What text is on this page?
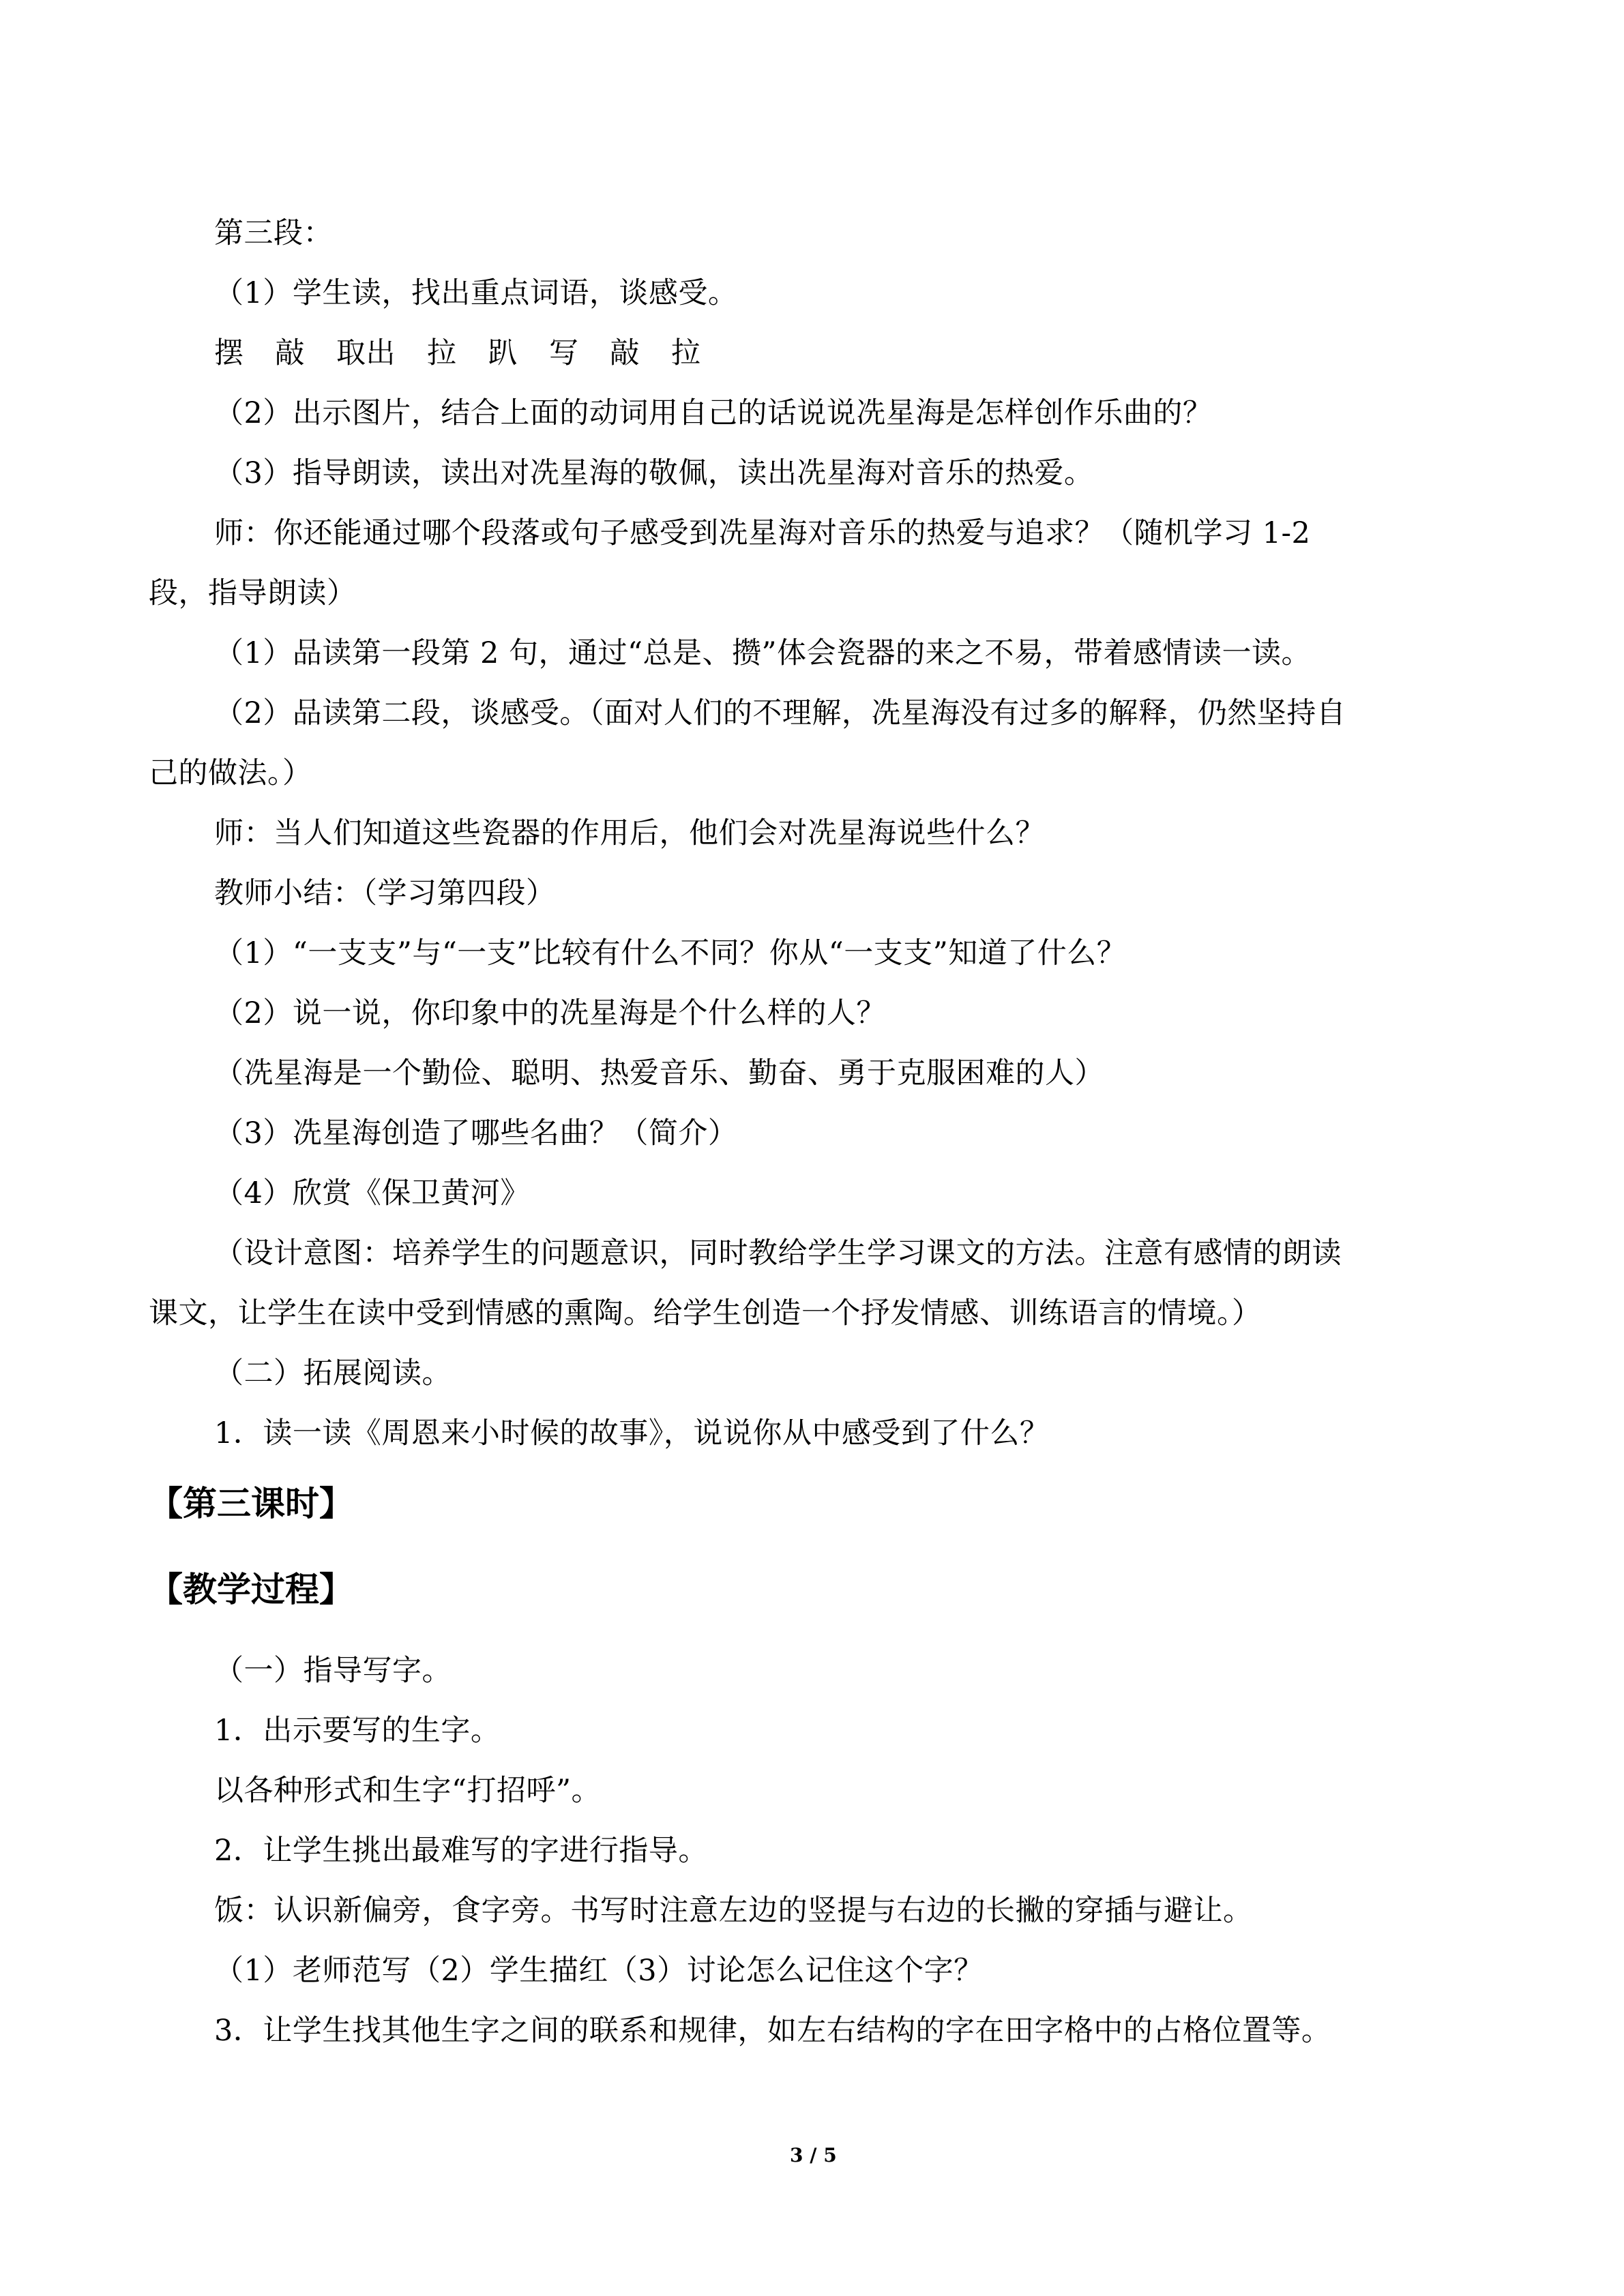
第三段：

（1）学生读，找出重点词语，谈感受。

摆 敲 取出 拉 趴 写 敲 拉

（2）出示图片，结合上面的动词用自己的话说说冼星海是怎样创作乐曲的？

（3）指导朗读，读出对冼星海的敬佩，读出冼星海对音乐的热爱。

师：你还能通过哪个段落或句子感受到冼星海对音乐的热爱与追求？（随机学习 1-2

段，指导朗读）

（1）品读第一段第 2 句，通过“总是、攒”体会瓷器的来之不易，带着感情读一读。

（2）品读第二段，谈感受。（面对人们的不理解，冼星海没有过多的解释，仍然坚持自

己的做法。）

师：当人们知道这些瓷器的作用后，他们会对冼星海说些什么？

教师小结：（学习第四段）

（1）“一支支”与“一支”比较有什么不同？你从“一支支”知道了什么？

（2）说一说，你印象中的冼星海是个什么样的人？

（冼星海是一个勤俭、聪明、热爱音乐、勤奋、勇于克服困难的人）

（3）冼星海创造了哪些名曲？（简介）

（4）欣赏《保卫黄河》

（设计意图：培养学生的问题意识，同时教给学生学习课文的方法。注意有感情的朗读

课文，让学生在读中受到情感的熏陶。给学生创造一个抒发情感、训练语言的情境。）

（二）拓展阅读。

1．读一读《周恩来小时候的故事》，说说你从中感受到了什么？

【第三课时】

【教学过程】

（一）指导写字。

1．出示要写的生字。

以各种形式和生字“打招呼”。

2．让学生挑出最难写的字进行指导。

饭：认识新偏旁，食字旁。书写时注意左边的竖提与右边的长撇的穿插与避让。

（1）老师范写（2）学生描红（3）讨论怎么记住这个字？

3．让学生找其他生字之间的联系和规律，如左右结构的字在田字格中的占格位置等。

3 / 5
